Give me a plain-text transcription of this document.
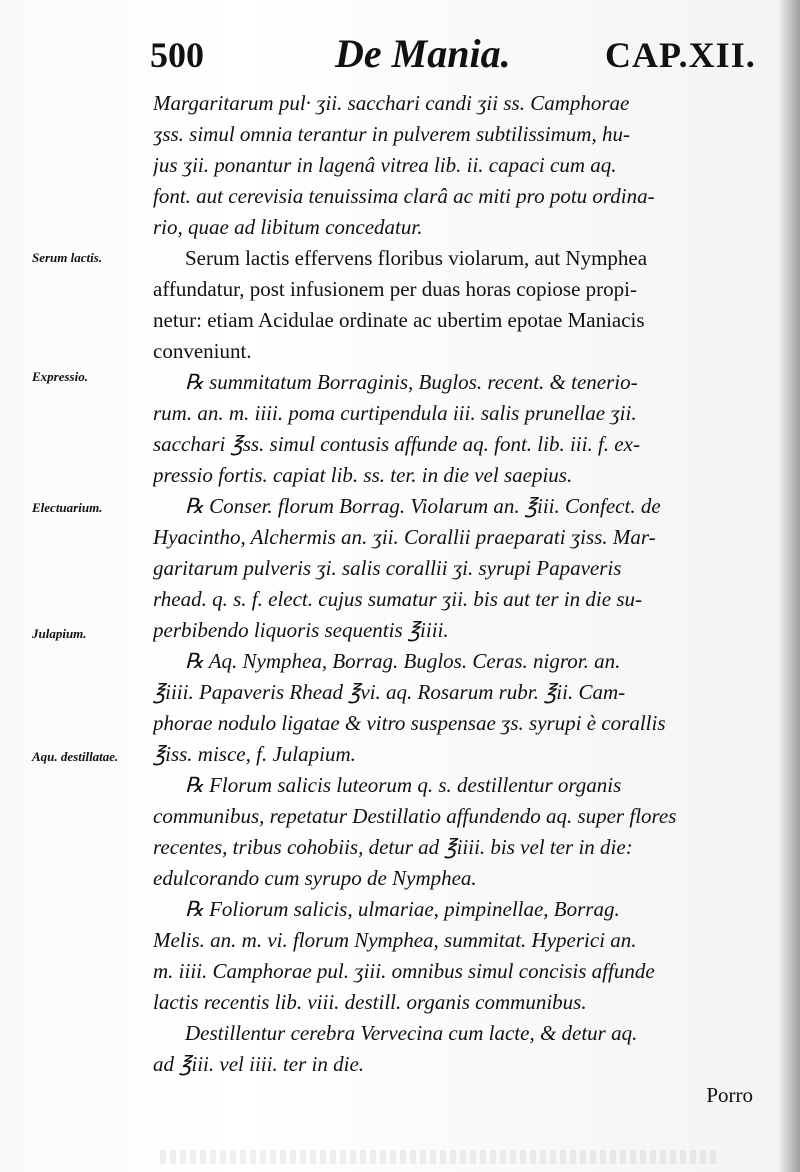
500	De Mania.	CAP.XII.
Serum lactis.
Expressio.
Electuarium.
Julapium.
Aqu. destillatae.
Margaritarum pul· ʒii. sacchari candi ʒii ss. Camphorae
ʒss. simul omnia terantur in pulverem subtilissimum, hu-
jus ʒii. ponantur in lagenâ vitrea lib. ii. capaci cum aq.
font. aut cerevisia tenuissima clarâ ac miti pro potu ordina-
rio, quae ad libitum concedatur.
Serum lactis effervens floribus violarum, aut Nymphea
affundatur, post infusionem per duas horas copiose propi-
netur: etiam Acidulae ordinate ac ubertim epotae Maniacis
conveniunt.
℞ summitatum Borraginis, Buglos. recent. & tenerio-
rum. an. m. iiii. poma curtipendula iii. salis prunellae ʒii.
sacchari ℥ss. simul contusis affunde aq. font. lib. iii. f. ex-
pressio fortis. capiat lib. ss. ter. in die vel saepius.
℞ Conser. florum Borrag. Violarum an. ℥iii. Confect. de
Hyacintho, Alchermis an. ʒii. Corallii praeparati ʒiss. Mar-
garitarum pulveris ʒi. salis corallii ʒi. syrupi Papaveris
rhead. q. s. f. elect. cujus sumatur ʒii. bis aut ter in die su-
perbibendo liquoris sequentis ℥iiii.
℞ Aq. Nymphea, Borrag. Buglos. Ceras. nigror. an.
℥iiii. Papaveris Rhead ℥vi. aq. Rosarum rubr. ℥ii. Cam-
phorae nodulo ligatae & vitro suspensae ʒs. syrupi è corallis
℥iss. misce, f. Julapium.
℞ Florum salicis luteorum q. s. destillentur organis
communibus, repetatur Destillatio affundendo aq. super flores
recentes, tribus cohobiis, detur ad ℥iiii. bis vel ter in die:
edulcorando cum syrupo de Nymphea.
℞ Foliorum salicis, ulmariae, pimpinellae, Borrag.
Melis. an. m. vi. florum Nymphea, summitat. Hyperici an.
m. iiii. Camphorae pul. ʒiii. omnibus simul concisis affunde
lactis recentis lib. viii. destill. organis communibus.
Destillentur cerebra Vervecina cum lacte, & detur aq.
ad ℥iii. vel iiii. ter in die.
Porro
